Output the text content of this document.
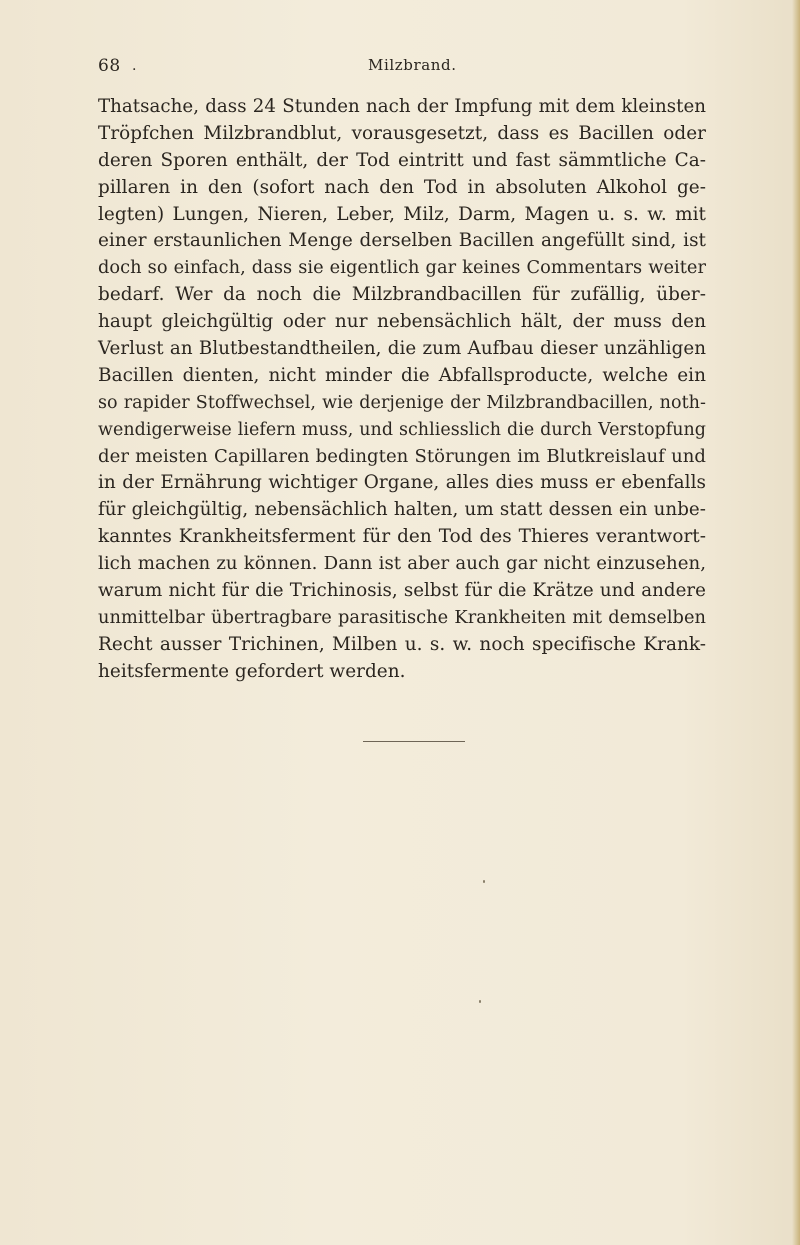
68 .	Milzbrand.
Thatsache, dass 24 Stunden nach der Impfung mit dem kleinsten
Tröpfchen Milzbrandblut, vorausgesetzt, dass es Bacillen oder
deren Sporen enthält, der Tod eintritt und fast sämmtliche Ca-
pillaren in den (sofort nach den Tod in absoluten Alkohol ge-
legten) Lungen, Nieren, Leber, Milz, Darm, Magen u. s. w. mit
einer erstaunlichen Menge derselben Bacillen angefüllt sind, ist
doch so einfach, dass sie eigentlich gar keines Commentars weiter
bedarf. Wer da noch die Milzbrandbacillen für zufällig, über-
haupt gleichgültig oder nur nebensächlich hält, der muss den
Verlust an Blutbestandtheilen, die zum Aufbau dieser unzähligen
Bacillen dienten, nicht minder die Abfallsproducte, welche ein
so rapider Stoffwechsel, wie derjenige der Milzbrandbacillen, noth-
wendigerweise liefern muss, und schliesslich die durch Verstopfung
der meisten Capillaren bedingten Störungen im Blutkreislauf und
in der Ernährung wichtiger Organe, alles dies muss er ebenfalls
für gleichgültig, nebensächlich halten, um statt dessen ein unbe-
kanntes Krankheitsferment für den Tod des Thieres verantwort-
lich machen zu können. Dann ist aber auch gar nicht einzusehen,
warum nicht für die Trichinosis, selbst für die Krätze und andere
unmittelbar übertragbare parasitische Krankheiten mit demselben
Recht ausser Trichinen, Milben u. s. w. noch specifische Krank-
heitsfermente gefordert werden.
